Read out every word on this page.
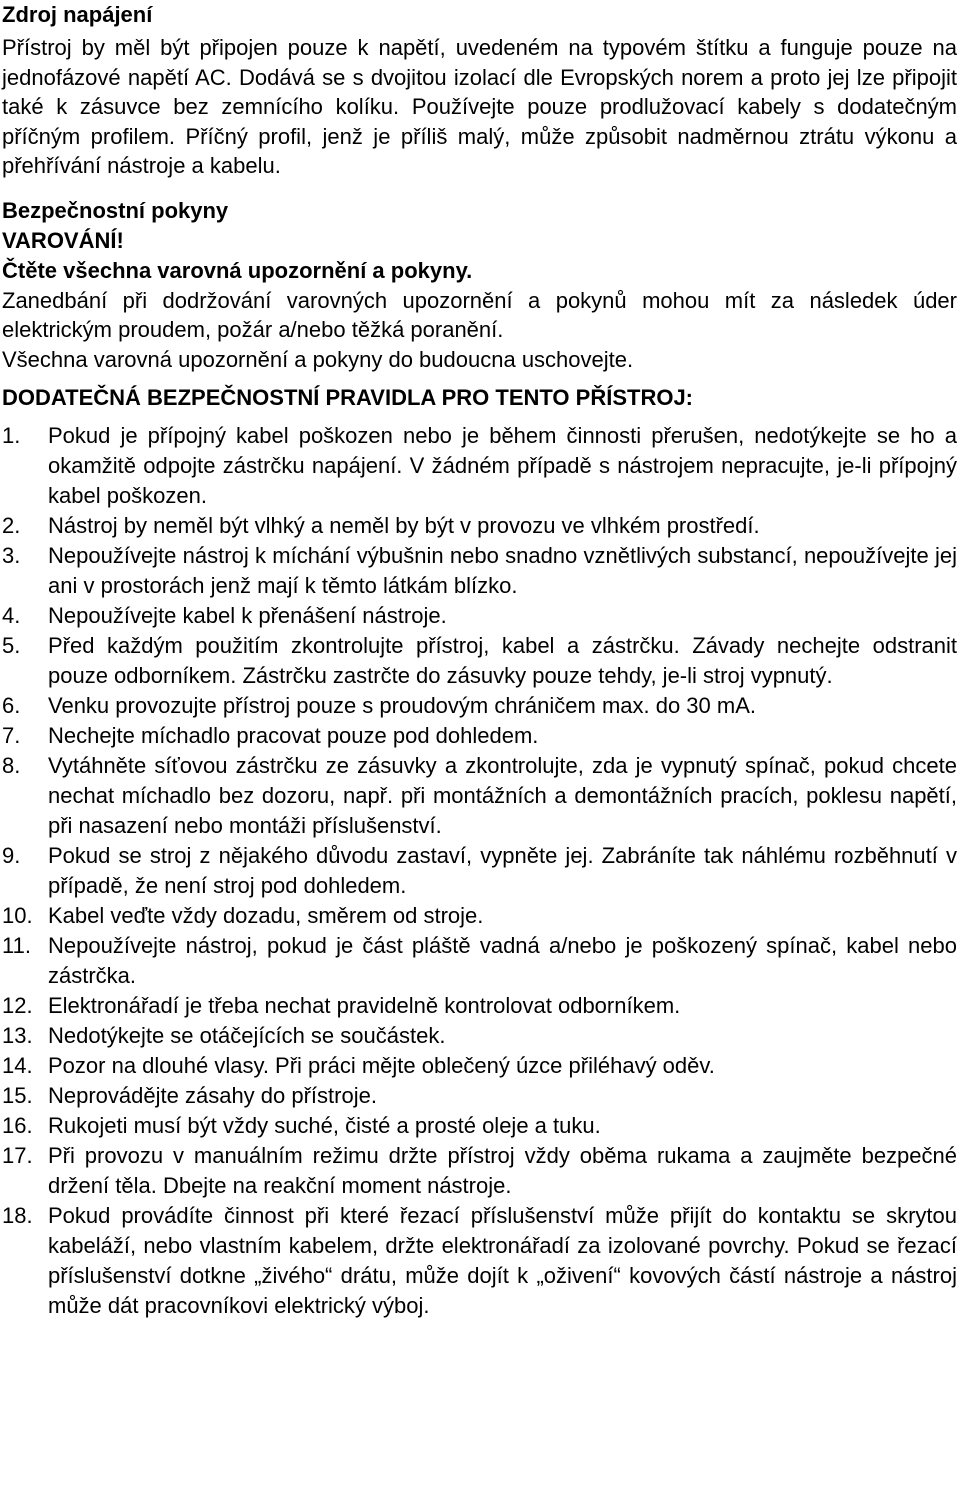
Zdroj napájení

Přístroj by měl být připojen pouze k napětí, uvedeném na typovém štítku a funguje pouze na jednofázové napětí AC. Dodává se s dvojitou izolací dle Evropských norem a proto jej lze připojit také k zásuvce bez zemnícího kolíku. Používejte pouze prodlužovací kabely s dodatečným příčným profilem. Příčný profil, jenž je příliš malý, může způsobit nadměrnou ztrátu výkonu a přehřívání nástroje a kabelu.

Bezpečnostní pokyny
VAROVÁNÍ!
Čtěte všechna varovná upozornění a pokyny.

Zanedbání při dodržování varovných upozornění a pokynů mohou mít za následek úder elektrickým proudem, požár a/nebo těžká poranění.

Všechna varovná upozornění a pokyny do budoucna uschovejte.

DODATEČNÁ BEZPEČNOSTNÍ PRAVIDLA PRO TENTO PŘÍSTROJ:
1.	Pokud je přípojný kabel poškozen nebo je během činnosti přerušen, nedotýkejte se ho a okamžitě odpojte zástrčku napájení. V žádném případě s nástrojem nepracujte, je-li přípojný kabel poškozen.
2.	Nástroj by neměl být vlhký a neměl by být v provozu ve vlhkém prostředí.
3.	Nepoužívejte nástroj k míchání výbušnin nebo snadno vznětlivých substancí, nepoužívejte jej ani v prostorách jenž mají k těmto látkám blízko.
4.	Nepoužívejte kabel k přenášení nástroje.
5.	Před každým použitím zkontrolujte přístroj, kabel a zástrčku. Závady nechejte odstranit pouze odborníkem. Zástrčku zastrčte do zásuvky pouze tehdy, je-li stroj vypnutý.
6.	Venku provozujte přístroj pouze s proudovým chráničem max. do 30 mA.
7.	Nechejte míchadlo pracovat pouze pod dohledem.
8.	Vytáhněte síťovou zástrčku ze zásuvky a zkontrolujte, zda je vypnutý spínač, pokud chcete nechat míchadlo bez dozoru, např. při montážních a demontážních pracích, poklesu napětí, při nasazení nebo montáži příslušenství.
9.	Pokud se stroj z nějakého důvodu zastaví, vypněte jej. Zabráníte tak náhlému rozběhnutí v případě, že není stroj pod dohledem.
10. Kabel veďte vždy dozadu, směrem od stroje.
11. Nepoužívejte nástroj, pokud je část pláště vadná a/nebo je poškozený spínač, kabel nebo zástrčka.
12. Elektronářadí je třeba nechat pravidelně kontrolovat odborníkem.
13. Nedotýkejte se otáčejících se součástek.
14. Pozor na dlouhé vlasy. Při práci mějte oblečený úzce přiléhavý oděv.
15. Neprovádějte zásahy do přístroje.
16. Rukojeti musí být vždy suché, čisté a prosté oleje a tuku.
17. Při provozu v manuálním režimu držte přístroj vždy oběma rukama a zaujměte bezpečné držení těla. Dbejte na reakční moment nástroje.
18. Pokud provádíte činnost při které řezací příslušenství může přijít do kontaktu se skrytou kabeláží, nebo vlastním kabelem, držte elektronářadí za izolované povrchy. Pokud se řezací příslušenství dotkne „živého“ drátu, může dojít k „oživení“ kovových částí nástroje a nástroj může dát pracovníkovi elektrický výboj.
